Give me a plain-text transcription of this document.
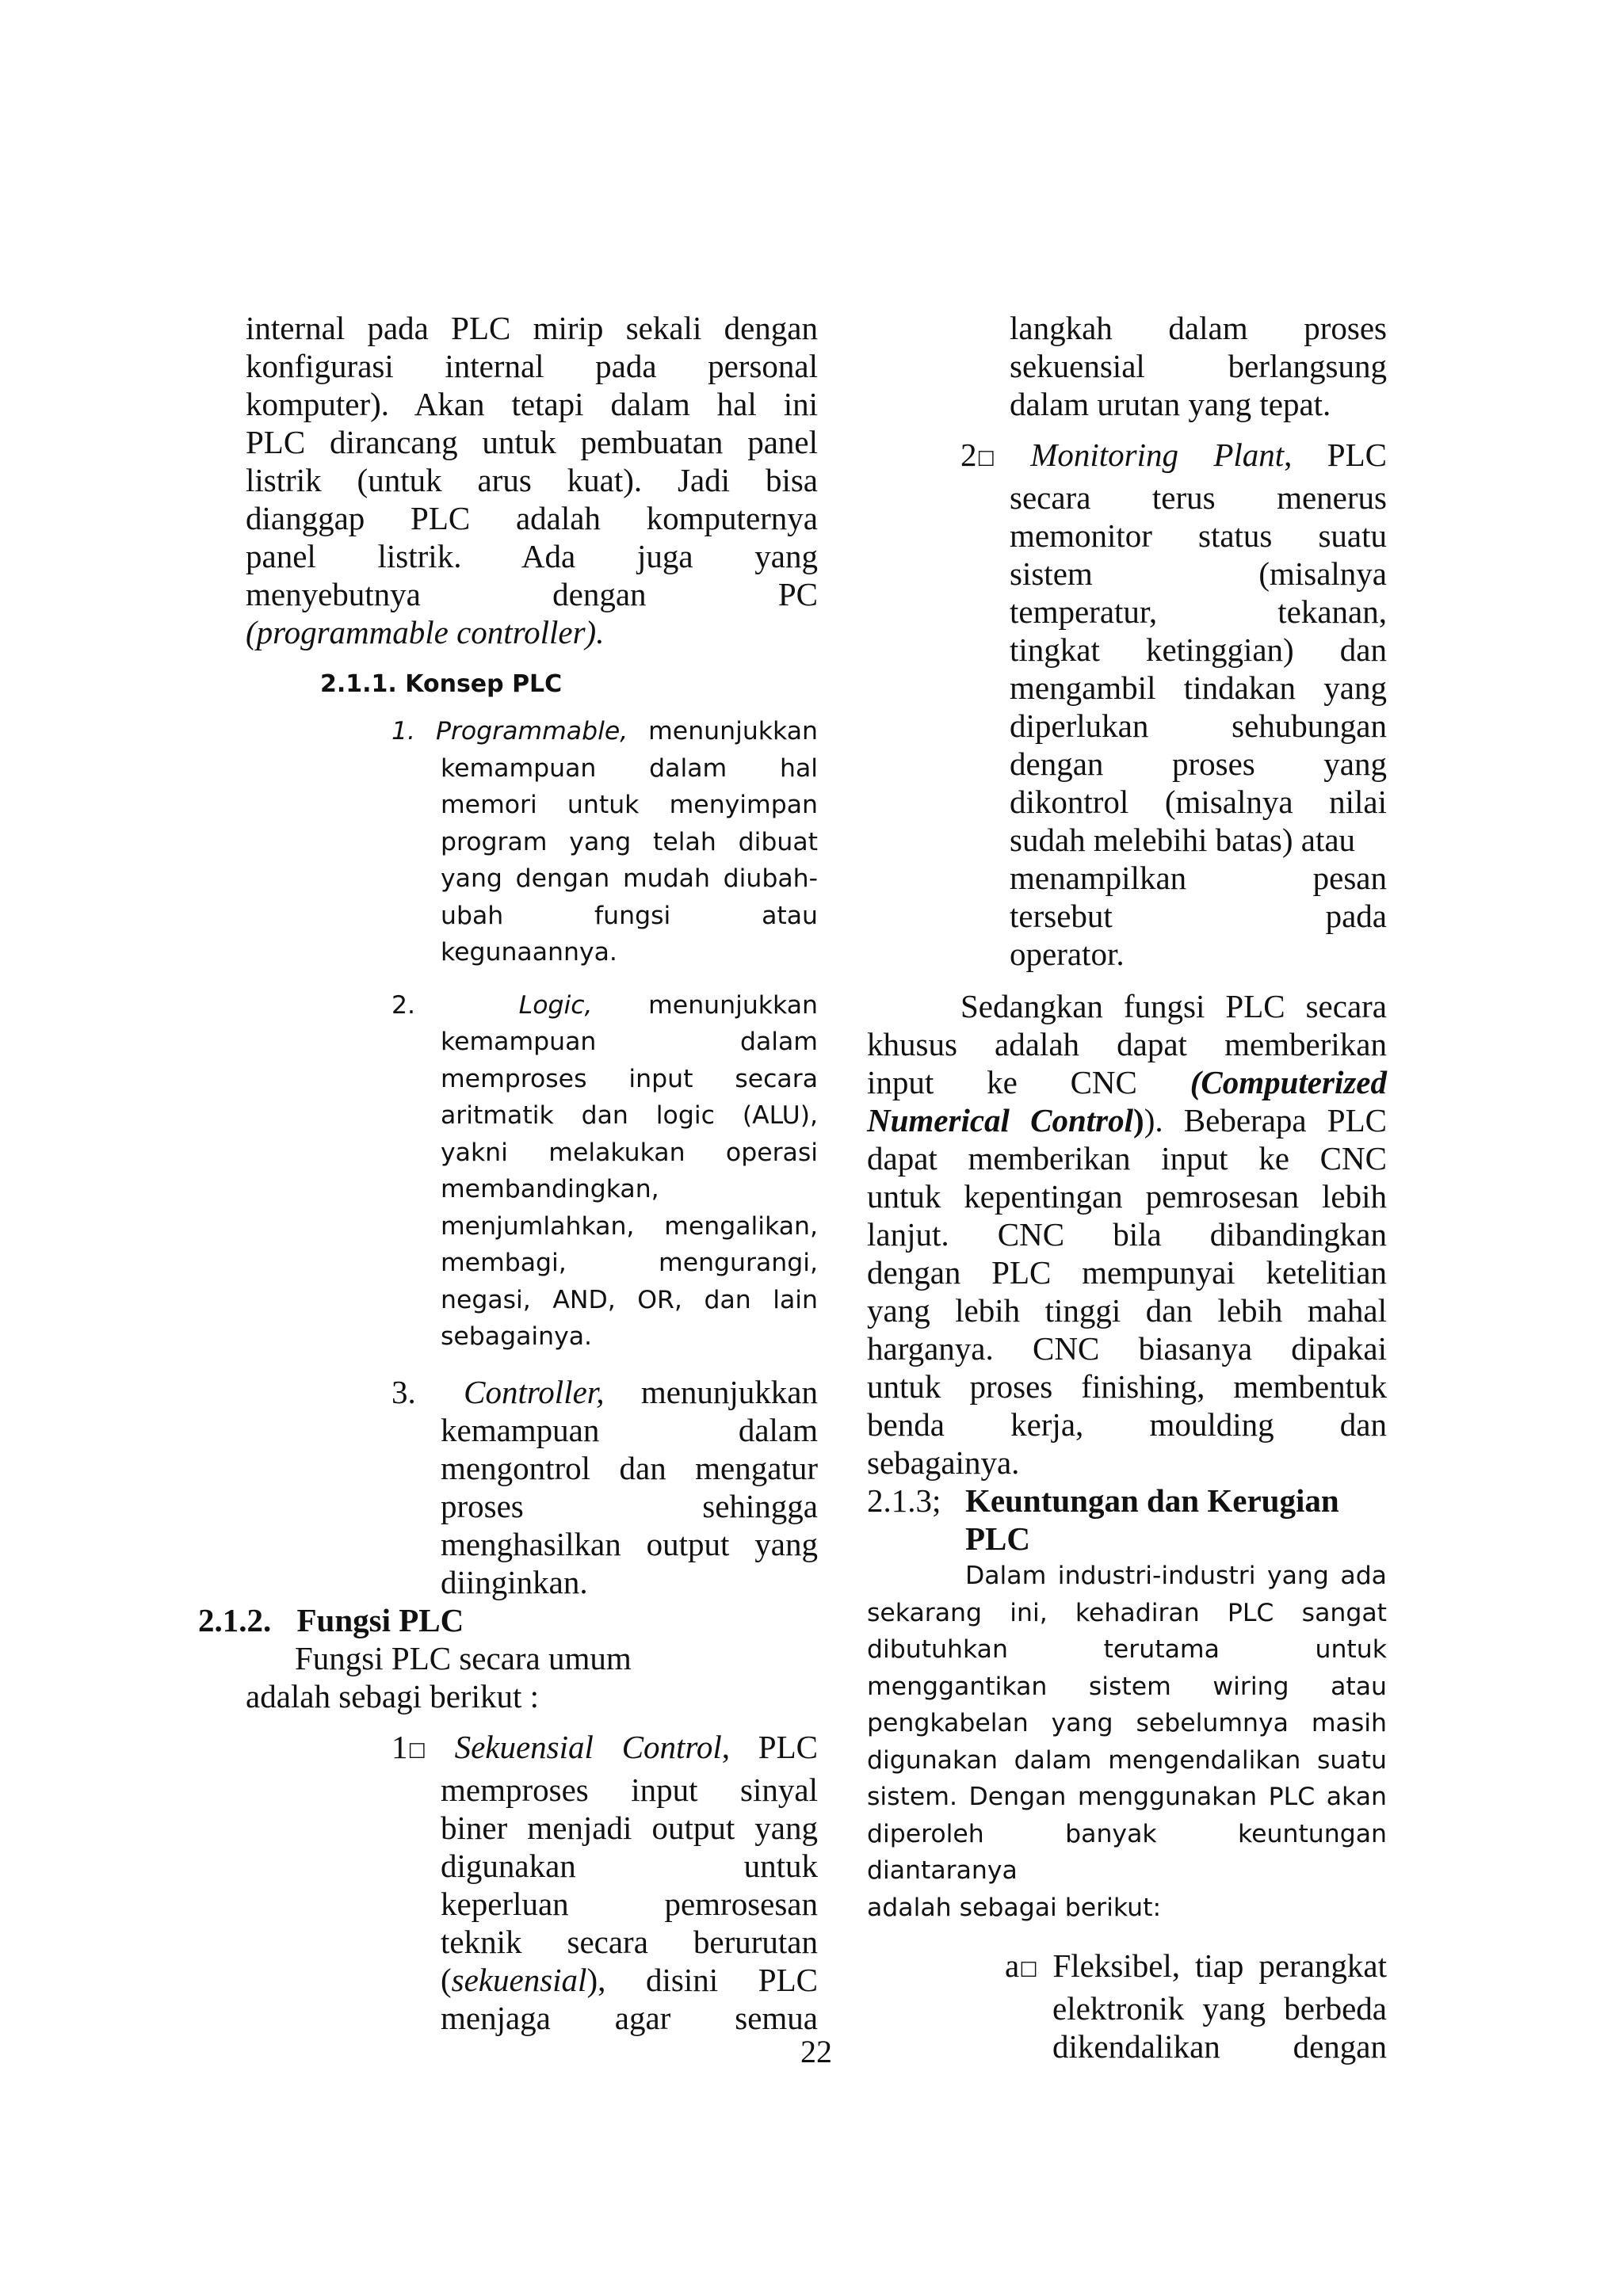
internal pada PLC mirip sekali dengan

konfigurasi internal pada personal

komputer). Akan tetapi dalam hal ini

PLC dirancang untuk pembuatan panel

listrik (untuk arus kuat). Jadi bisa

dianggap PLC adalah komputernya

panel listrik. Ada juga yang

menyebutnya dengan PC

(programmable controller).

2.1.1. Konsep PLC

1. Programmable, menunjukkan

kemampuan dalam hal

memori untuk menyimpan

program yang telah dibuat

yang dengan mudah diubah-

ubah fungsi atau

kegunaannya.

2.	Logic, menunjukkan

kemampuan dalam

memproses input secara

aritmatik dan logic (ALU),

yakni melakukan operasi

membandingkan,

menjumlahkan, mengalikan,

membagi, mengurangi,

negasi, AND, OR, dan lain

sebagainya.

3. Controller, menunjukkan

kemampuan dalam

mengontrol dan mengatur

proses sehingga

menghasilkan output yang

diinginkan.

2.1.2. Fungsi PLC

Fungsi PLC secara umum

adalah sebagi berikut :

1☐ Sekuensial Control, PLC

memproses input sinyal

biner menjadi output yang

digunakan untuk

keperluan pemrosesan

teknik secara berurutan

(sekuensial), disini PLC

menjaga agar semua

langkah dalam proses

sekuensial berlangsung

dalam urutan yang tepat.

2☐ Monitoring Plant, PLC

secara terus menerus

memonitor status suatu

sistem (misalnya

temperatur, tekanan,

tingkat ketinggian) dan

mengambil tindakan yang

diperlukan sehubungan

dengan proses yang

dikontrol (misalnya nilai

sudah melebihi batas) atau

menampilkan pesan

tersebut pada

operator.

Sedangkan fungsi PLC secara

khusus adalah dapat memberikan

input ke CNC (Computerized

Numerical Control)). Beberapa PLC

dapat memberikan input ke CNC

untuk kepentingan pemrosesan lebih

lanjut. CNC bila dibandingkan

dengan PLC mempunyai ketelitian

yang lebih tinggi dan lebih mahal

harganya. CNC biasanya dipakai

untuk proses finishing, membentuk

benda kerja, moulding dan

sebagainya.

2.1.3; Keuntungan dan Kerugian

PLC

Dalam industri-industri yang ada

sekarang ini, kehadiran PLC sangat

dibutuhkan terutama untuk

menggantikan sistem wiring atau

pengkabelan yang sebelumnya masih

digunakan dalam mengendalikan suatu

sistem. Dengan menggunakan PLC akan

diperoleh banyak keuntungan diantaranya

adalah sebagai berikut:

a☐ Fleksibel, tiap perangkat

elektronik yang berbeda

dikendalikan dengan

22
